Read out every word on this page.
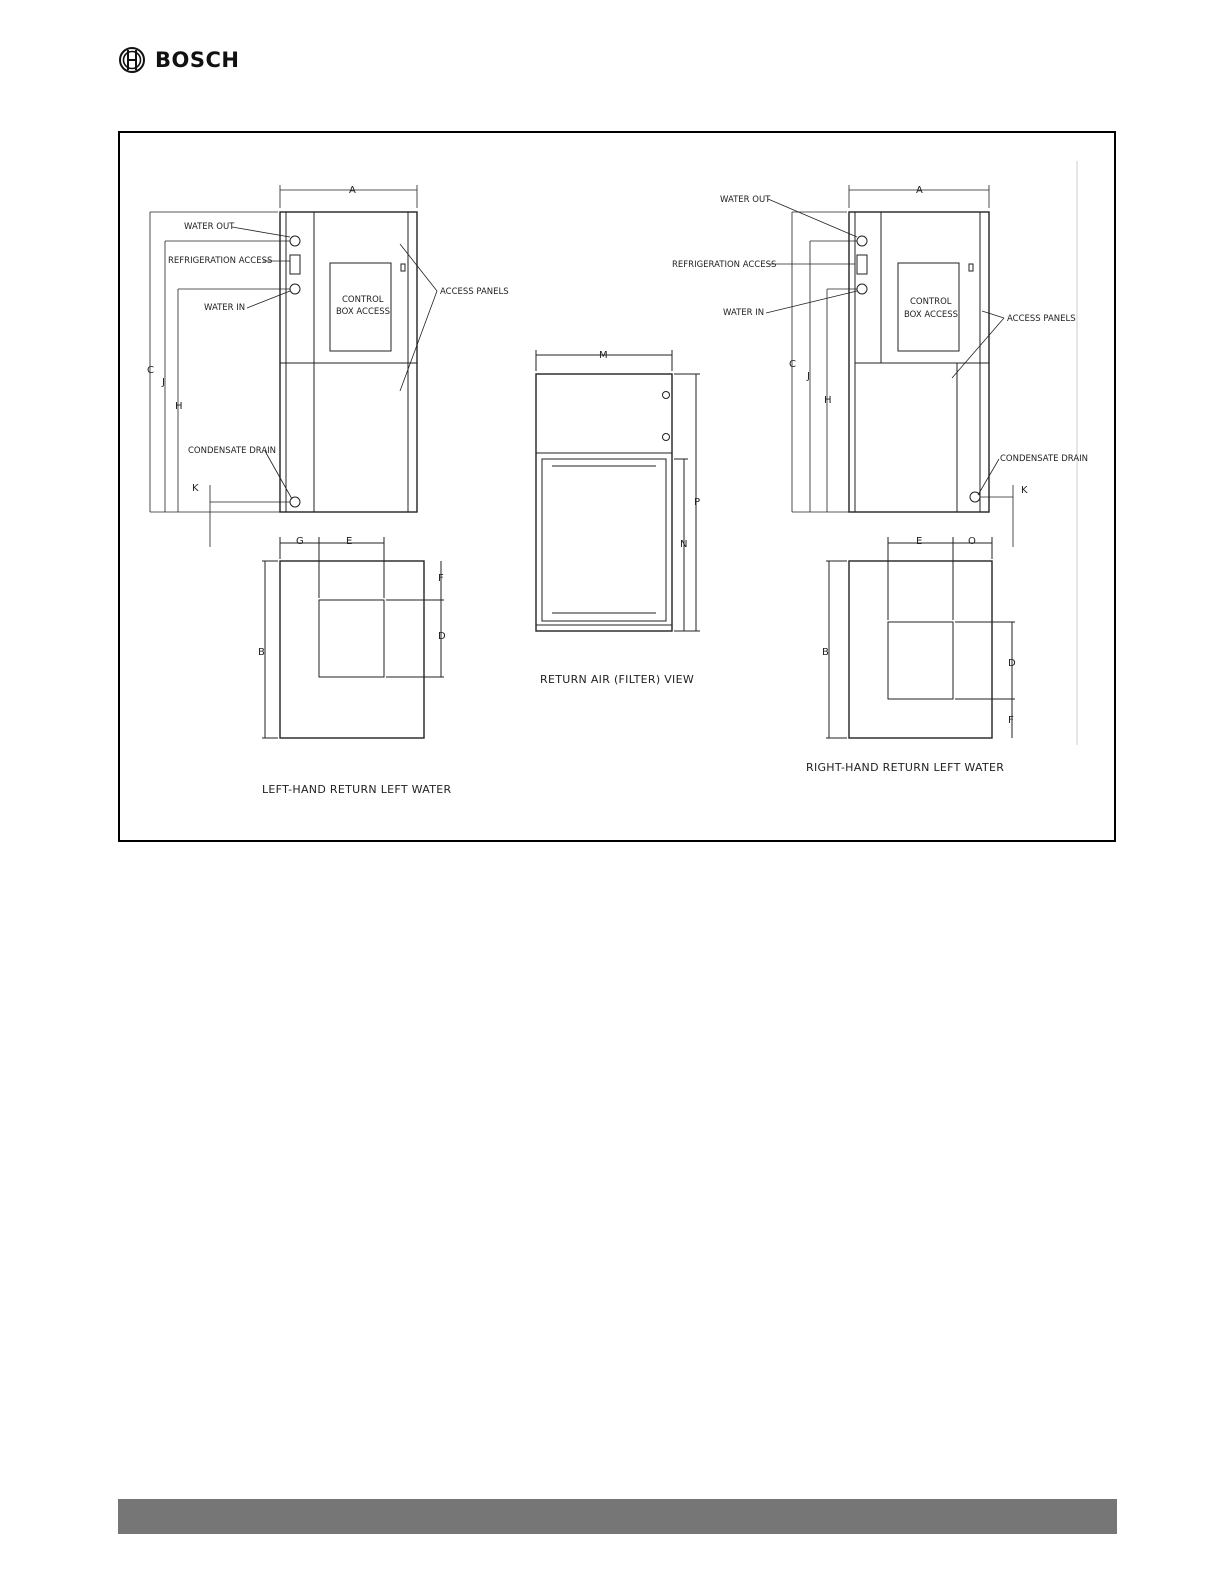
BOSCH
WATER OUT
REFRIGERATION ACCESS
WATER IN
CONTROL
BOX ACCESS
ACCESS PANELS
CONDENSATE DRAIN
A
C
J
H
K
G	E
F
D
B
LEFT-HAND RETURN LEFT WATER
M
P
N
RETURN AIR (FILTER) VIEW
WATER OUT
REFRIGERATION ACCESS
WATER IN
CONTROL
BOX ACCESS	ACCESS PANELS
CONDENSATE DRAIN
A
C
J
H
K
E	O
D
F
B
RIGHT-HAND RETURN LEFT WATER
